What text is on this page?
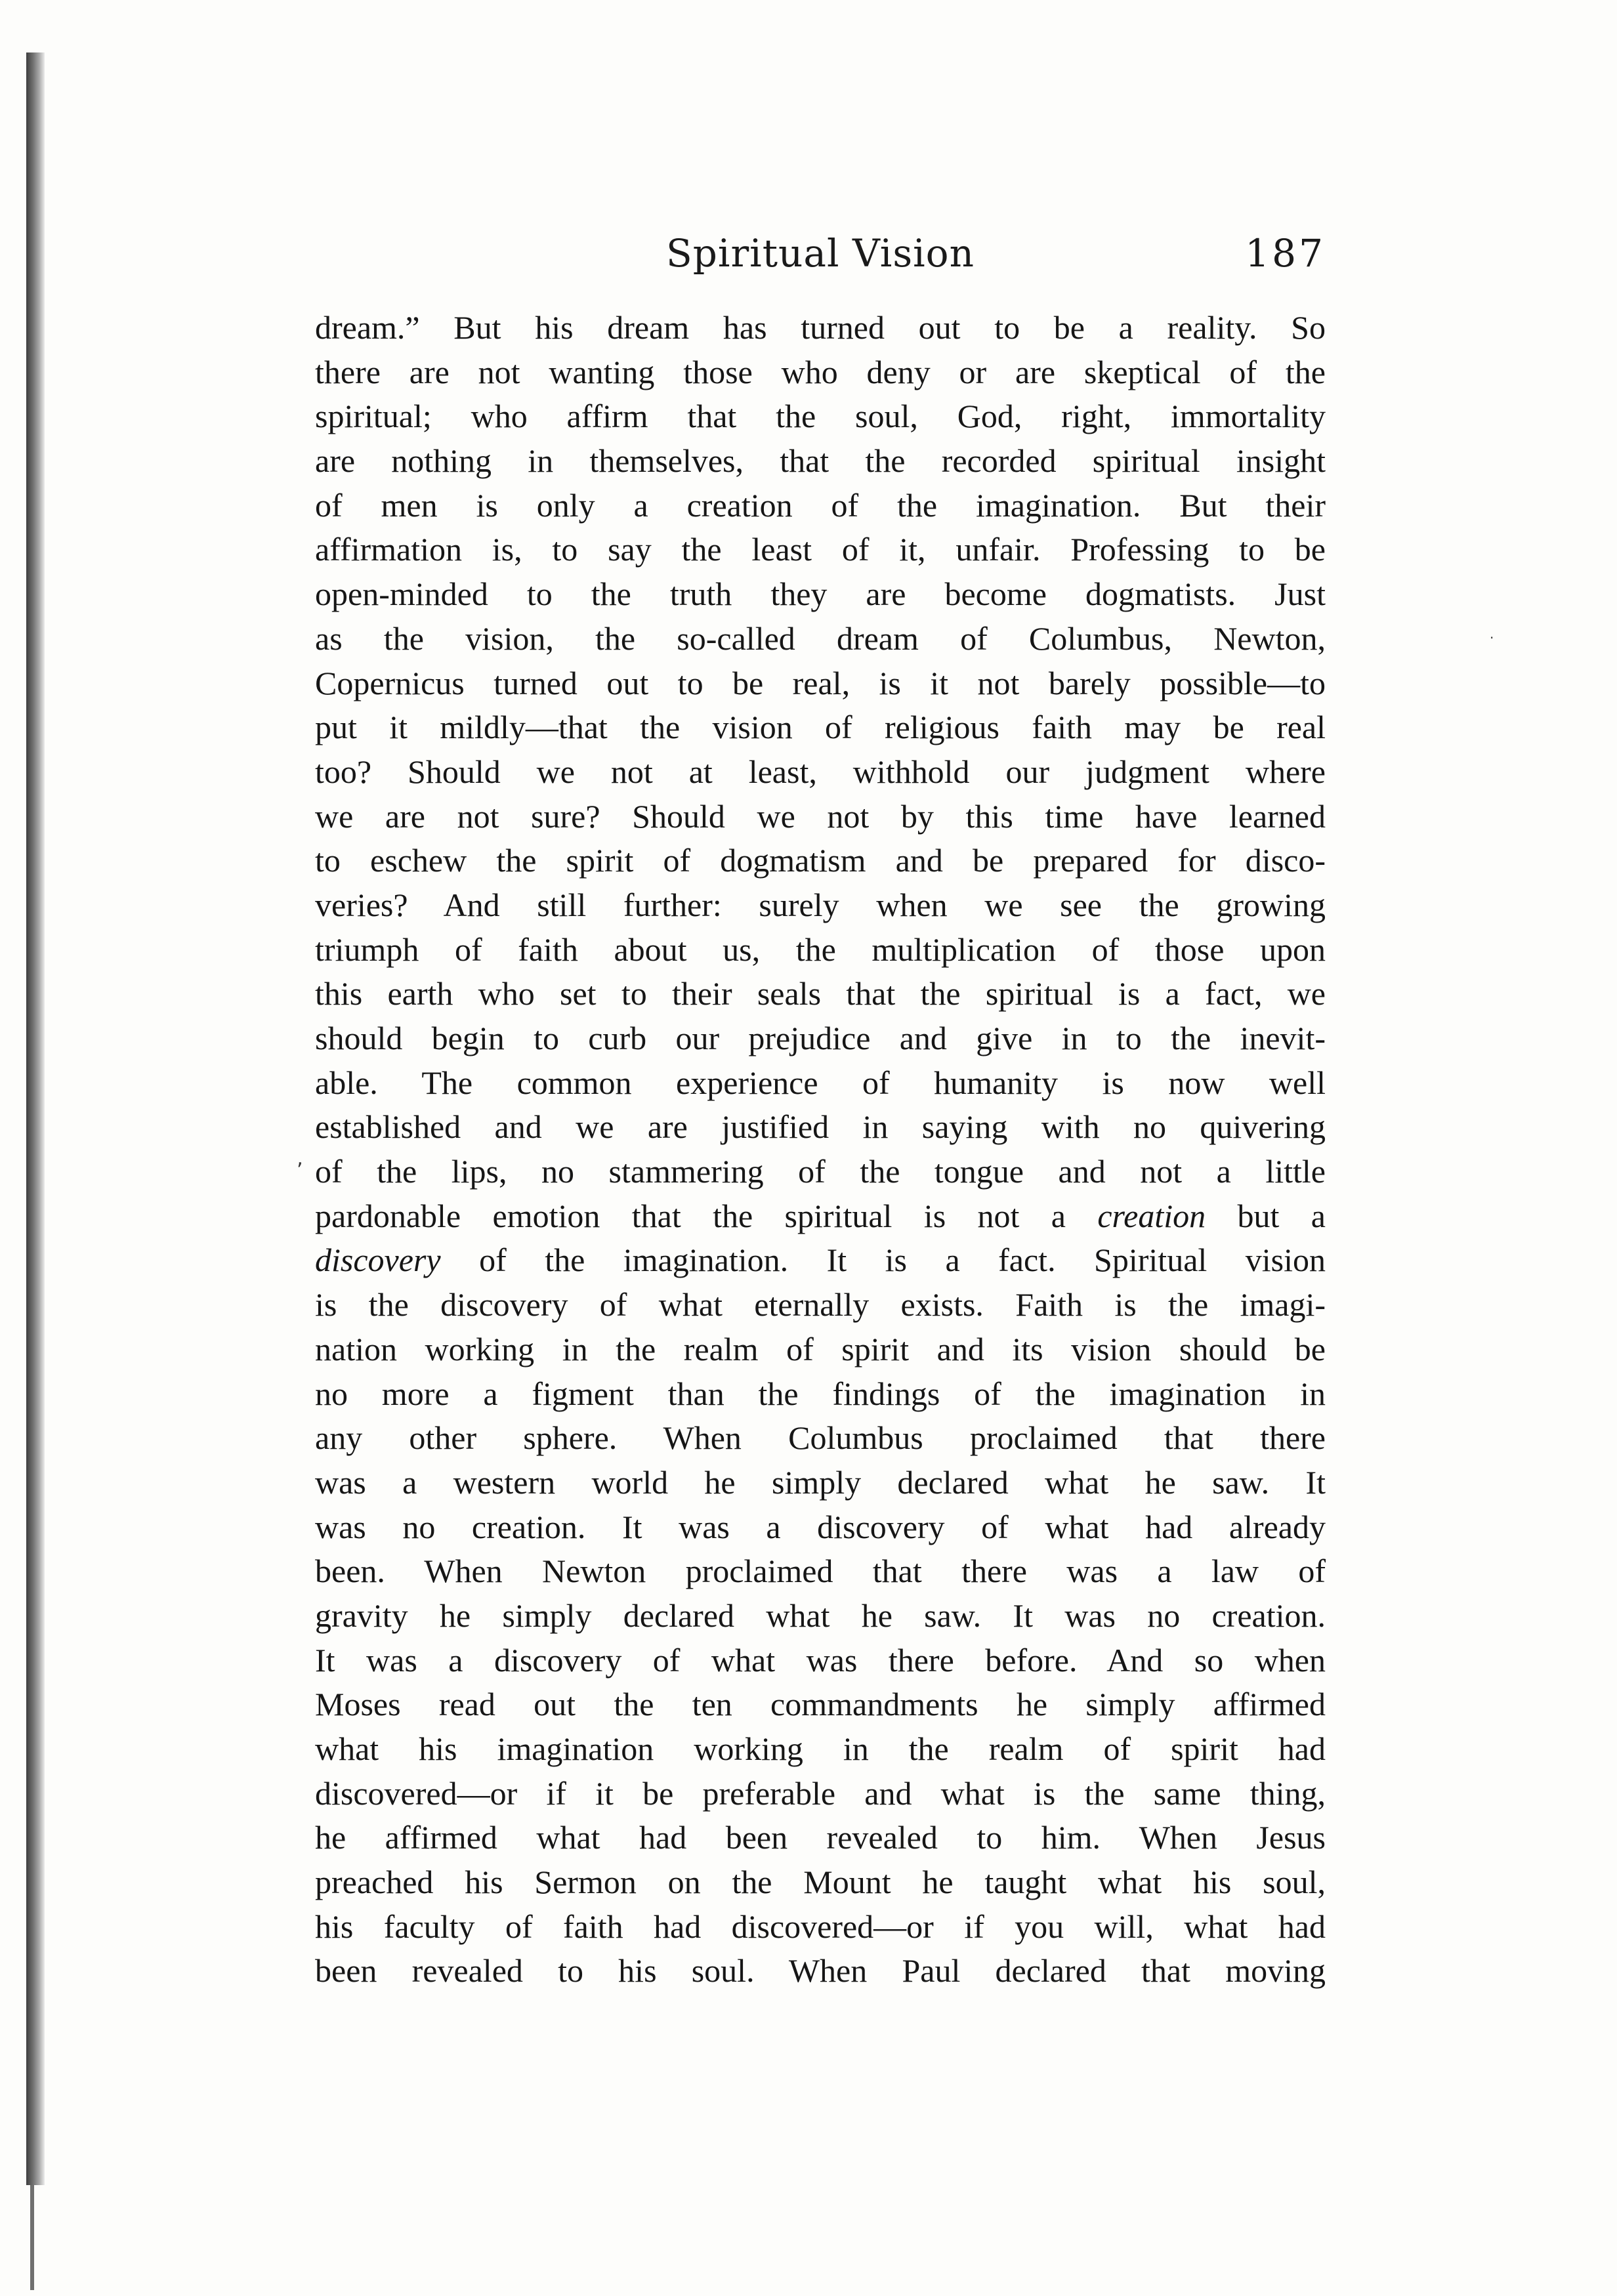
Spiritual Vision	187
·
‚
dream.” But his dream has turned out to be a reality. So
there are not wanting those who deny or are skeptical of the
spiritual; who affirm that the soul, God, right, immortality
are nothing in themselves, that the recorded spiritual insight
of men is only a creation of the imagination. But their
affirmation is, to say the least of it, unfair. Professing to be
open-minded to the truth they are become dogmatists. Just
as the vision, the so-called dream of Columbus, Newton,
Copernicus turned out to be real, is it not barely possible—to
put it mildly—that the vision of religious faith may be real
too? Should we not at least, withhold our judgment where
we are not sure? Should we not by this time have learned
to eschew the spirit of dogmatism and be prepared for disco-
veries? And still further: surely when we see the growing
triumph of faith about us, the multiplication of those upon
this earth who set to their seals that the spiritual is a fact, we
should begin to curb our prejudice and give in to the inevit-
able. The common experience of humanity is now well
established and we are justified in saying with no quivering
of the lips, no stammering of the tongue and not a little
pardonable emotion that the spiritual is not a creation but a
discovery of the imagination. It is a fact. Spiritual vision
is the discovery of what eternally exists. Faith is the imagi-
nation working in the realm of spirit and its vision should be
no more a figment than the findings of the imagination in
any other sphere. When Columbus proclaimed that there
was a western world he simply declared what he saw. It
was no creation. It was a discovery of what had already
been. When Newton proclaimed that there was a law of
gravity he simply declared what he saw. It was no creation.
It was a discovery of what was there before. And so when
Moses read out the ten commandments he simply affirmed
what his imagination working in the realm of spirit had
discovered—or if it be preferable and what is the same thing,
he affirmed what had been revealed to him. When Jesus
preached his Sermon on the Mount he taught what his soul,
his faculty of faith had discovered—or if you will, what had
been revealed to his soul. When Paul declared that moving
